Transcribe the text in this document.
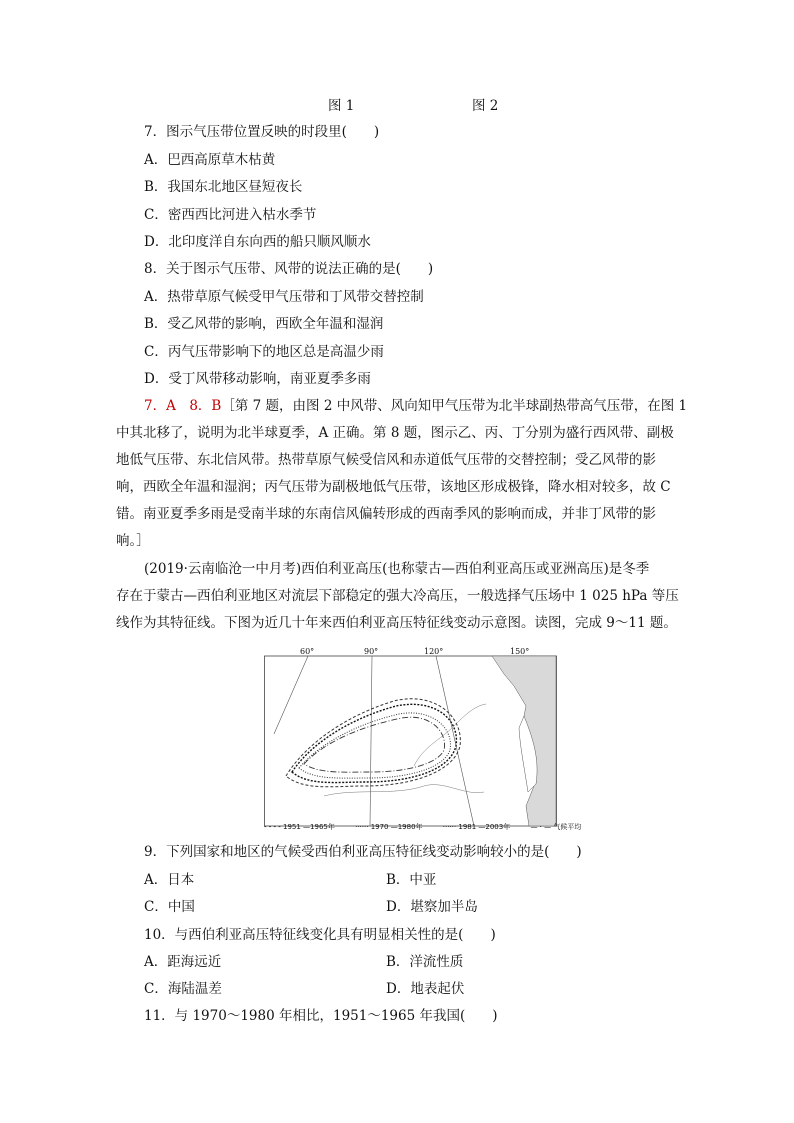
图 1	图 2
7．图示气压带位置反映的时段里(　　)
A．巴西高原草木枯黄
B．我国东北地区昼短夜长
C．密西西比河进入枯水季节
D．北印度洋自东向西的船只顺风顺水
8．关于图示气压带、风带的说法正确的是(　　)
A．热带草原气候受甲气压带和丁风带交替控制
B．受乙风带的影响，西欧全年温和湿润
C．丙气压带影响下的地区总是高温少雨
D．受丁风带移动影响，南亚夏季多雨
7．A　8．B［第 7 题，由图 2 中风带、风向知甲气压带为北半球副热带高气压带，在图 1
中其北移了，说明为北半球夏季，A 正确。第 8 题，图示乙、丙、丁分别为盛行西风带、副极
地低气压带、东北信风带。热带草原气候受信风和赤道低气压带的交替控制；受乙风带的影
响，西欧全年温和湿润；丙气压带为副极地低气压带，该地区形成极锋，降水相对较多，故 C
错。南亚夏季多雨是受南半球的东南信风偏转形成的西南季风的影响而成，并非丁风带的影
响。］
(2019·云南临沧一中月考)西伯利亚高压(也称蒙古—西伯利亚高压或亚洲高压)是冬季
存在于蒙古—西伯利亚地区对流层下部稳定的强大冷高压，一般选择气压场中 1 025 hPa 等压
线作为其特征线。下图为近几十年来西伯利亚高压特征线变动示意图。读图，完成 9～11 题。
60°	90°	120°	150°
- - - - 1951 —1965年	······ 1970 —1980年	······ 1981 —2003年	— · — 气候平均
9．下列国家和地区的气候受西伯利亚高压特征线变动影响较小的是(　　)
A．日本	B．中亚
C．中国	D．堪察加半岛
10．与西伯利亚高压特征线变化具有明显相关性的是(　　)
A．距海远近	B．洋流性质
C．海陆温差	D．地表起伏
11．与 1970～1980 年相比，1951～1965 年我国(　　)
